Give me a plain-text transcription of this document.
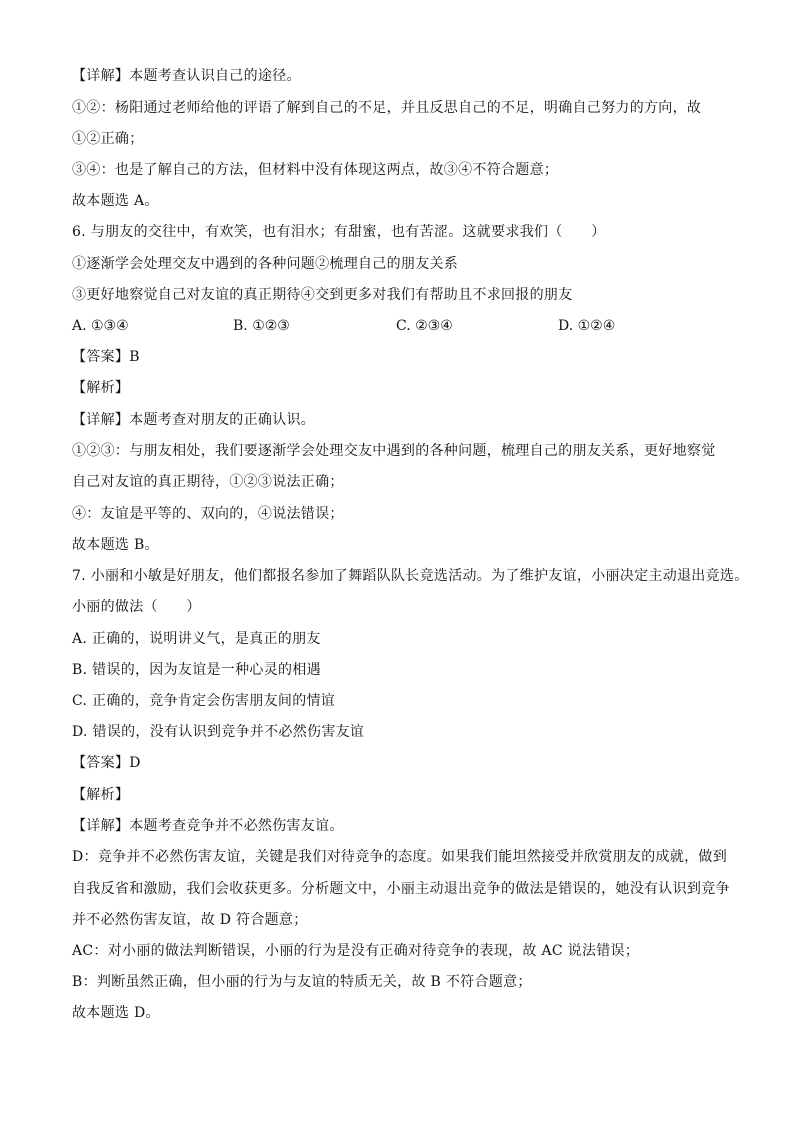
【详解】本题考查认识自己的途径。
①②：杨阳通过老师给他的评语了解到自己的不足，并且反思自己的不足，明确自己努力的方向，故
①②正确；
③④：也是了解自己的方法，但材料中没有体现这两点，故③④不符合题意；
故本题选 A。
6. 与朋友的交往中，有欢笑，也有泪水；有甜蜜，也有苦涩。这就要求我们（　　）
①逐渐学会处理交友中遇到的各种问题②梳理自己的朋友关系
③更好地察觉自己对友谊的真正期待④交到更多对我们有帮助且不求回报的朋友
A. ①③④	B. ①②③	C. ②③④	D. ①②④
【答案】B
【解析】
【详解】本题考查对朋友的正确认识。
①②③：与朋友相处，我们要逐渐学会处理交友中遇到的各种问题，梳理自己的朋友关系，更好地察觉
自己对友谊的真正期待，①②③说法正确；
④：友谊是平等的、双向的，④说法错误；
故本题选 B。
7. 小丽和小敏是好朋友，他们都报名参加了舞蹈队队长竞选活动。为了维护友谊，小丽决定主动退出竞选。
小丽的做法（　　）
A. 正确的，说明讲义气，是真正的朋友
B. 错误的，因为友谊是一种心灵的相遇
C. 正确的，竞争肯定会伤害朋友间的情谊
D. 错误的，没有认识到竞争并不必然伤害友谊
【答案】D
【解析】
【详解】本题考查竞争并不必然伤害友谊。
D：竞争并不必然伤害友谊，关键是我们对待竞争的态度。如果我们能坦然接受并欣赏朋友的成就，做到
自我反省和激励，我们会收获更多。分析题文中，小丽主动退出竞争的做法是错误的，她没有认识到竞争
并不必然伤害友谊，故 D 符合题意；
AC：对小丽的做法判断错误，小丽的行为是没有正确对待竞争的表现，故 AC 说法错误；
B：判断虽然正确，但小丽的行为与友谊的特质无关，故 B 不符合题意；
故本题选 D。
